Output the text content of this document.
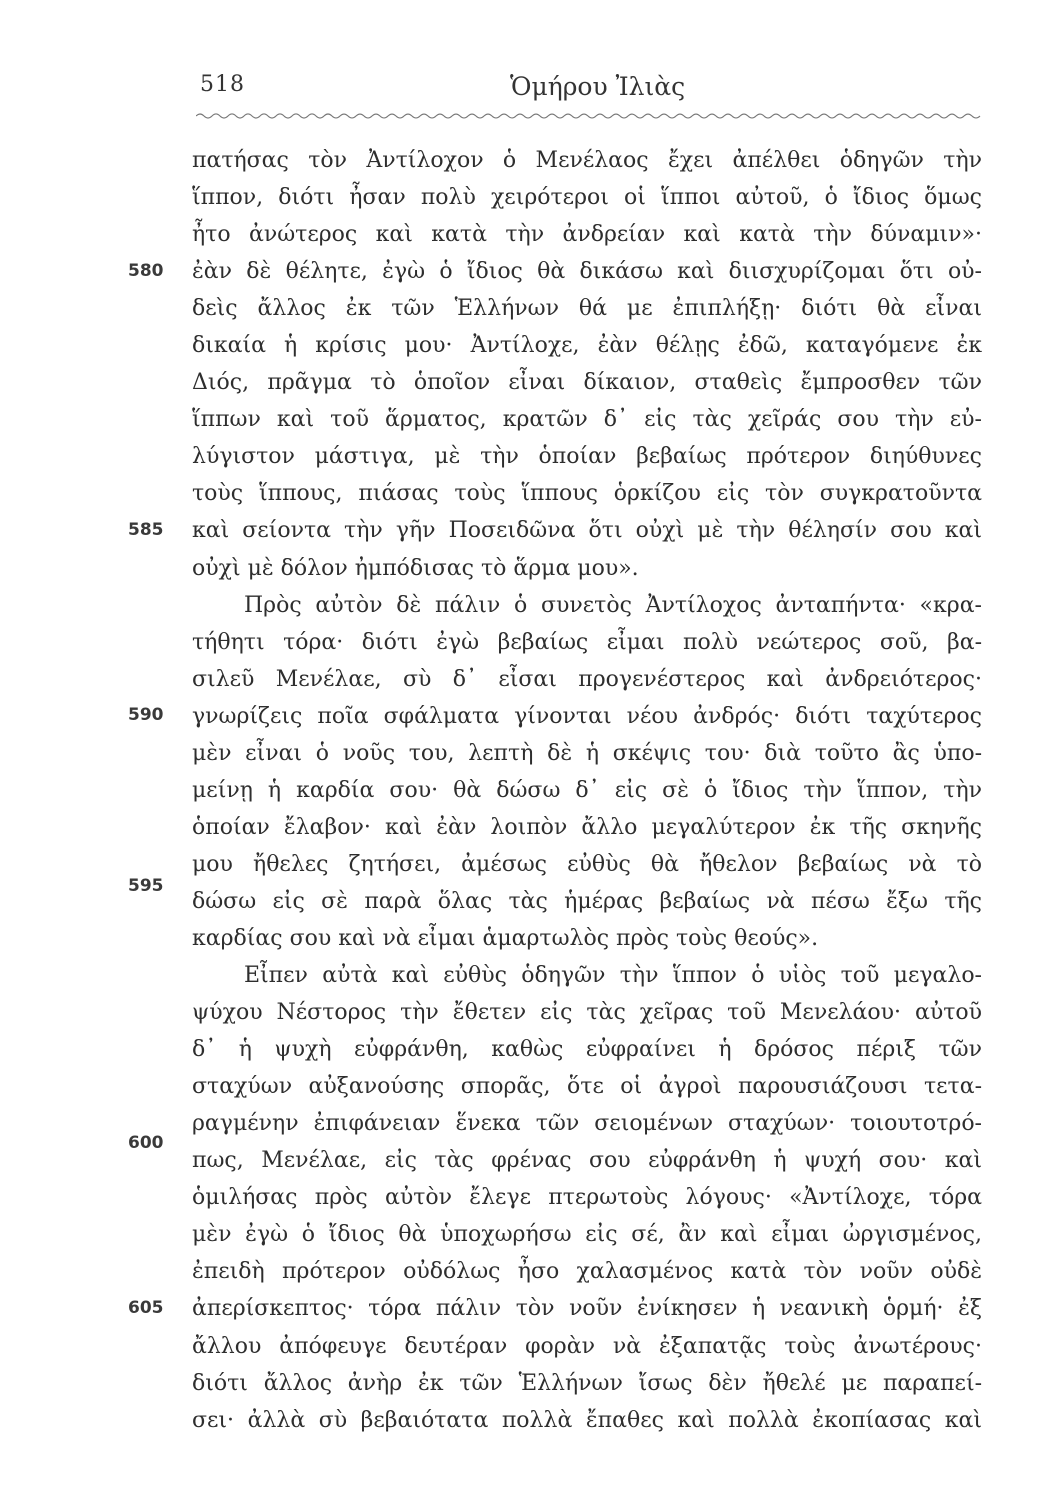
518	Ὁμήρου Ἰλιὰς
580
585
590
595
600
605
πατήσας τὸν Ἀντίλοχον ὁ Μενέλαος ἔχει ἀπέλθει ὁδηγῶν τὴν
ἵππον, διότι ἦσαν πολὺ χειρότεροι οἱ ἵπποι αὐτοῦ, ὁ ἴδιος ὅμως
ἦτο ἀνώτερος καὶ κατὰ τὴν ἀνδρείαν καὶ κατὰ τὴν δύναμιν»·
ἐὰν δὲ θέλητε, ἐγὼ ὁ ἴδιος θὰ δικάσω καὶ διισχυρίζομαι ὅτι οὐ-
δεὶς ἄλλος ἐκ τῶν Ἑλλήνων θά με ἐπιπλήξῃ· διότι θὰ εἶναι
δικαία ἡ κρίσις μου· Ἀντίλοχε, ἐὰν θέλῃς ἐδῶ, καταγόμενε ἐκ
Διός, πρᾶγμα τὸ ὁποῖον εἶναι δίκαιον, σταθεὶς ἔμπροσθεν τῶν
ἵππων καὶ τοῦ ἅρματος, κρατῶν δ᾿ εἰς τὰς χεῖράς σου τὴν εὐ-
λύγιστον μάστιγα, μὲ τὴν ὁποίαν βεβαίως πρότερον διηύθυνες
τοὺς ἵππους, πιάσας τοὺς ἵππους ὁρκίζου εἰς τὸν συγκρατοῦντα
καὶ σείοντα τὴν γῆν Ποσειδῶνα ὅτι οὐχὶ μὲ τὴν θέλησίν σου καὶ
οὐχὶ μὲ δόλον ἠμπόδισας τὸ ἅρμα μου».
Πρὸς αὐτὸν δὲ πάλιν ὁ συνετὸς Ἀντίλοχος ἀνταπήντα· «κρα-
τήθητι τόρα· διότι ἐγὼ βεβαίως εἶμαι πολὺ νεώτερος σοῦ, βα-
σιλεῦ Μενέλαε, σὺ δ᾿ εἶσαι προγενέστερος καὶ ἀνδρειότερος·
γνωρίζεις ποῖα σφάλματα γίνονται νέου ἀνδρός· διότι ταχύτερος
μὲν εἶναι ὁ νοῦς του, λεπτὴ δὲ ἡ σκέψις του· διὰ τοῦτο ἂς ὑπο-
μείνῃ ἡ καρδία σου· θὰ δώσω δ᾿ εἰς σὲ ὁ ἴδιος τὴν ἵππον, τὴν
ὁποίαν ἔλαβον· καὶ ἐὰν λοιπὸν ἄλλο μεγαλύτερον ἐκ τῆς σκηνῆς
μου ἤθελες ζητήσει, ἀμέσως εὐθὺς θὰ ἤθελον βεβαίως νὰ τὸ
δώσω εἰς σὲ παρὰ ὅλας τὰς ἡμέρας βεβαίως νὰ πέσω ἔξω τῆς
καρδίας σου καὶ νὰ εἶμαι ἁμαρτωλὸς πρὸς τοὺς θεούς».
Εἶπεν αὐτὰ καὶ εὐθὺς ὁδηγῶν τὴν ἵππον ὁ υἱὸς τοῦ μεγαλο-
ψύχου Νέστορος τὴν ἔθετεν εἰς τὰς χεῖρας τοῦ Μενελάου· αὐτοῦ
δ᾿ ἡ ψυχὴ εὐφράνθη, καθὼς εὐφραίνει ἡ δρόσος πέριξ τῶν
σταχύων αὐξανούσης σπορᾶς, ὅτε οἱ ἀγροὶ παρουσιάζουσι τετα-
ραγμένην ἐπιφάνειαν ἕνεκα τῶν σειομένων σταχύων· τοιουτοτρό-
πως, Μενέλαε, εἰς τὰς φρένας σου εὐφράνθη ἡ ψυχή σου· καὶ
ὁμιλήσας πρὸς αὐτὸν ἔλεγε πτερωτοὺς λόγους· «Ἀντίλοχε, τόρα
μὲν ἐγὼ ὁ ἴδιος θὰ ὑποχωρήσω εἰς σέ, ἂν καὶ εἶμαι ὠργισμένος,
ἐπειδὴ πρότερον οὐδόλως ἦσο χαλασμένος κατὰ τὸν νοῦν οὐδὲ
ἀπερίσκεπτος· τόρα πάλιν τὸν νοῦν ἐνίκησεν ἡ νεανικὴ ὁρμή· ἐξ
ἄλλου ἀπόφευγε δευτέραν φορὰν νὰ ἐξαπατᾷς τοὺς ἀνωτέρους·
διότι ἄλλος ἀνὴρ ἐκ τῶν Ἑλλήνων ἴσως δὲν ἤθελέ με παραπεί-
σει· ἀλλὰ σὺ βεβαιότατα πολλὰ ἔπαθες καὶ πολλὰ ἐκοπίασας καὶ
